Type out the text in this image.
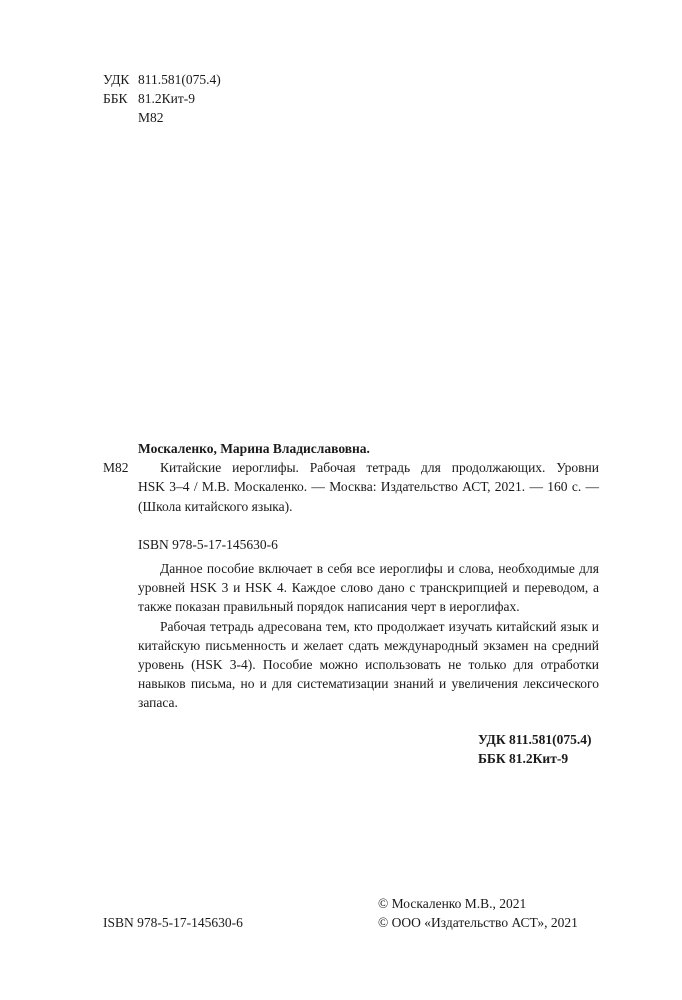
УДК 811.581(075.4)
ББК 81.2Кит-9
М82
Москаленко, Марина Владиславовна.
М82 Китайские иероглифы. Рабочая тетрадь для продолжающих. Уровни
HSK 3–4 / М.В. Москаленко. — Москва: Издательство АСТ, 2021. — 160 с. — (Школа китайского языка).
ISBN 978-5-17-145630-6

Данное пособие включает в себя все иероглифы и слова, необходимые для уровней HSK 3 и HSK 4. Каждое слово дано с транскрипцией и переводом, а также показан правильный порядок написания черт в иероглифах.

Рабочая тетрадь адресована тем, кто продолжает изучать китайский язык и китайскую письменность и желает сдать международный экзамен на средний уровень (HSK 3-4). Пособие можно использовать не только для отработки навыков письма, но и для систематизации знаний и увеличения лексического запаса.

УДК 811.581(075.4)
ББК 81.2Кит-9
ISBN 978-5-17-145630-6
© Москаленко М.В., 2021
© ООО «Издательство АСТ», 2021
